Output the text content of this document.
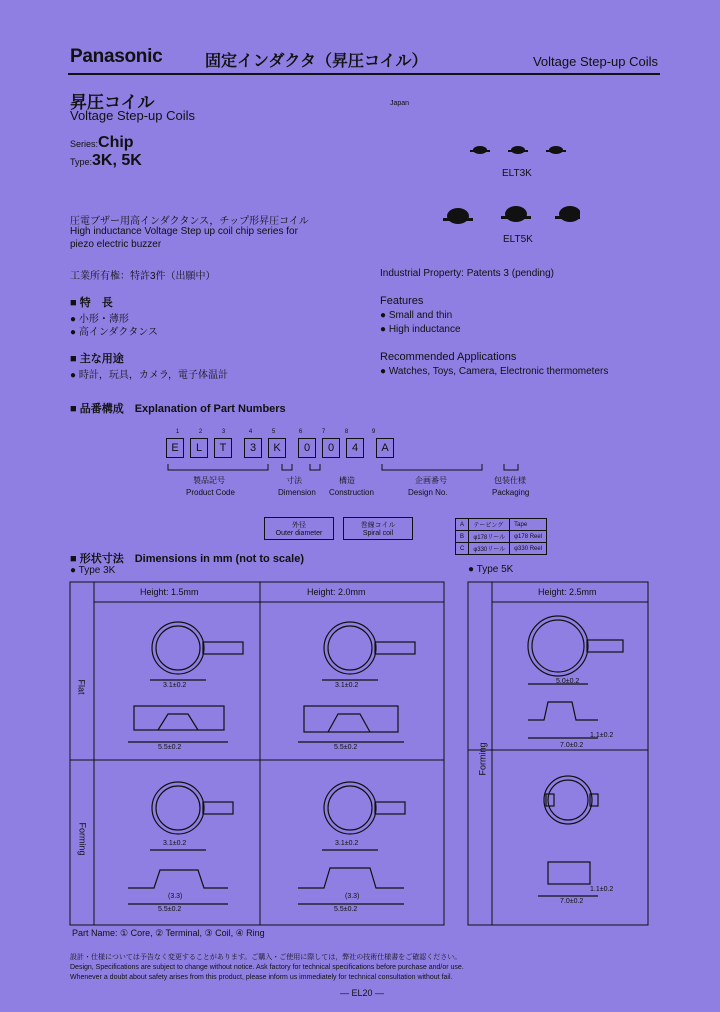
Panasonic	固定インダクタ（昇圧コイル）	Voltage Step-up Coils
昇圧コイル
Voltage Step-up Coils
Japan
Series:Chip
Type:3K, 5K
ELT3K
ELT5K
圧電ブザー用高インダクタンス，チップ形昇圧コイル
High inductance Voltage Step up coil chip series for
piezo electric buzzer
工業所有権：特許3件（出願中）	Industrial Property: Patents 3 (pending)
■ 特　長
● 小形・薄形
● 高インダクタンス
Features
● Small and thin
● High inductance
■ 主な用途
● 時計，玩具，カメラ，電子体温計
Recommended Applications
● Watches, Toys, Camera, Electronic thermometers
■ 品番構成　 Explanation of Part Numbers
1	2	3	4	5	6	7	8	9
E L T 3 K 0 0 4 A
製品記号
Product Code
寸法
Dimension
構造
Construction
企画番号
Design No.
包装仕様
Packaging
外径
Outer diameter
巻線コイル
Spiral coil
A	テーピング	Tape
B	φ178リール	φ178 Reel
C	φ330リール	φ330 Reel
■ 形状寸法　 Dimensions in mm (not to scale)
● Type 3K	● Type 5K
Height: 1.5mm	Height: 2.0mm	Height: 2.5mm
Flat
Forming
Forming
3.1±0.2	3.1±0.2
5.5±0.2	5.5±0.2
3.1±0.2	3.1±0.2
(3.3)	(3.3)
5.5±0.2	5.5±0.2
5.0±0.2
1.1±0.2
7.0±0.2
1.1±0.2
7.0±0.2
Part Name: ① Core, ② Terminal, ③ Coil, ④ Ring
設計・仕様については予告なく変更することがあります。ご購入・ご使用に際しては，弊社の技術仕様書をご確認ください。
Design, Specifications are subject to change without notice. Ask factory for technical specifications before purchase and/or use.
Whenever a doubt about safety arises from this product, please inform us immediately for technical consultation without fail.
— EL20 —
